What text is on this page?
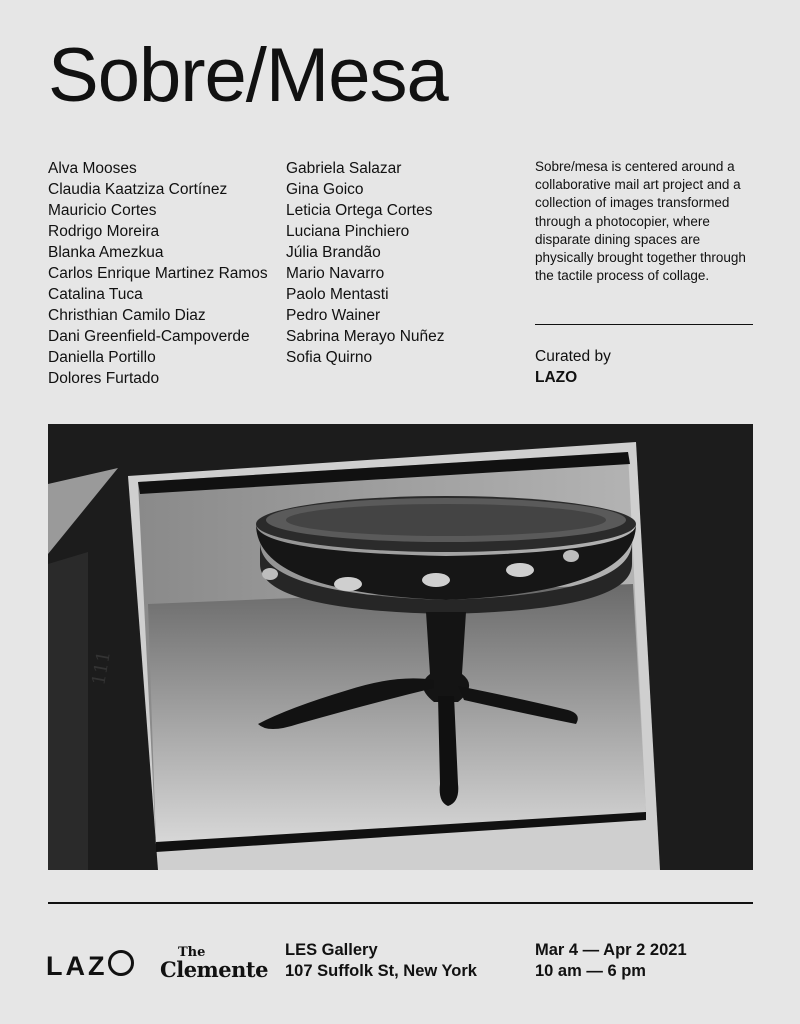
Sobre/Mesa
Alva Mooses
Claudia Kaatziza Cortínez
Mauricio Cortes
Rodrigo Moreira
Blanka Amezkua
Carlos Enrique Martinez Ramos
Catalina Tuca
Christhian Camilo Diaz
Dani Greenfield-Campoverde
Daniella Portillo
Dolores Furtado
Gabriela Salazar
Gina Goico
Leticia Ortega Cortes
Luciana Pinchiero
Júlia Brandão
Mario Navarro
Paolo Mentasti
Pedro Wainer
Sabrina Merayo Nuñez
Sofia Quirno

Sobre/mesa is centered around a collaborative mail art project and a collection of images transformed through a photocopier, where disparate dining spaces are physically brought together through the tactile process of collage.

Curated by
LAZO
111
LAZ	The
Clemente
LES Gallery
107 Suffolk St, New York
Mar 4 — Apr 2 2021
10 am — 6 pm
